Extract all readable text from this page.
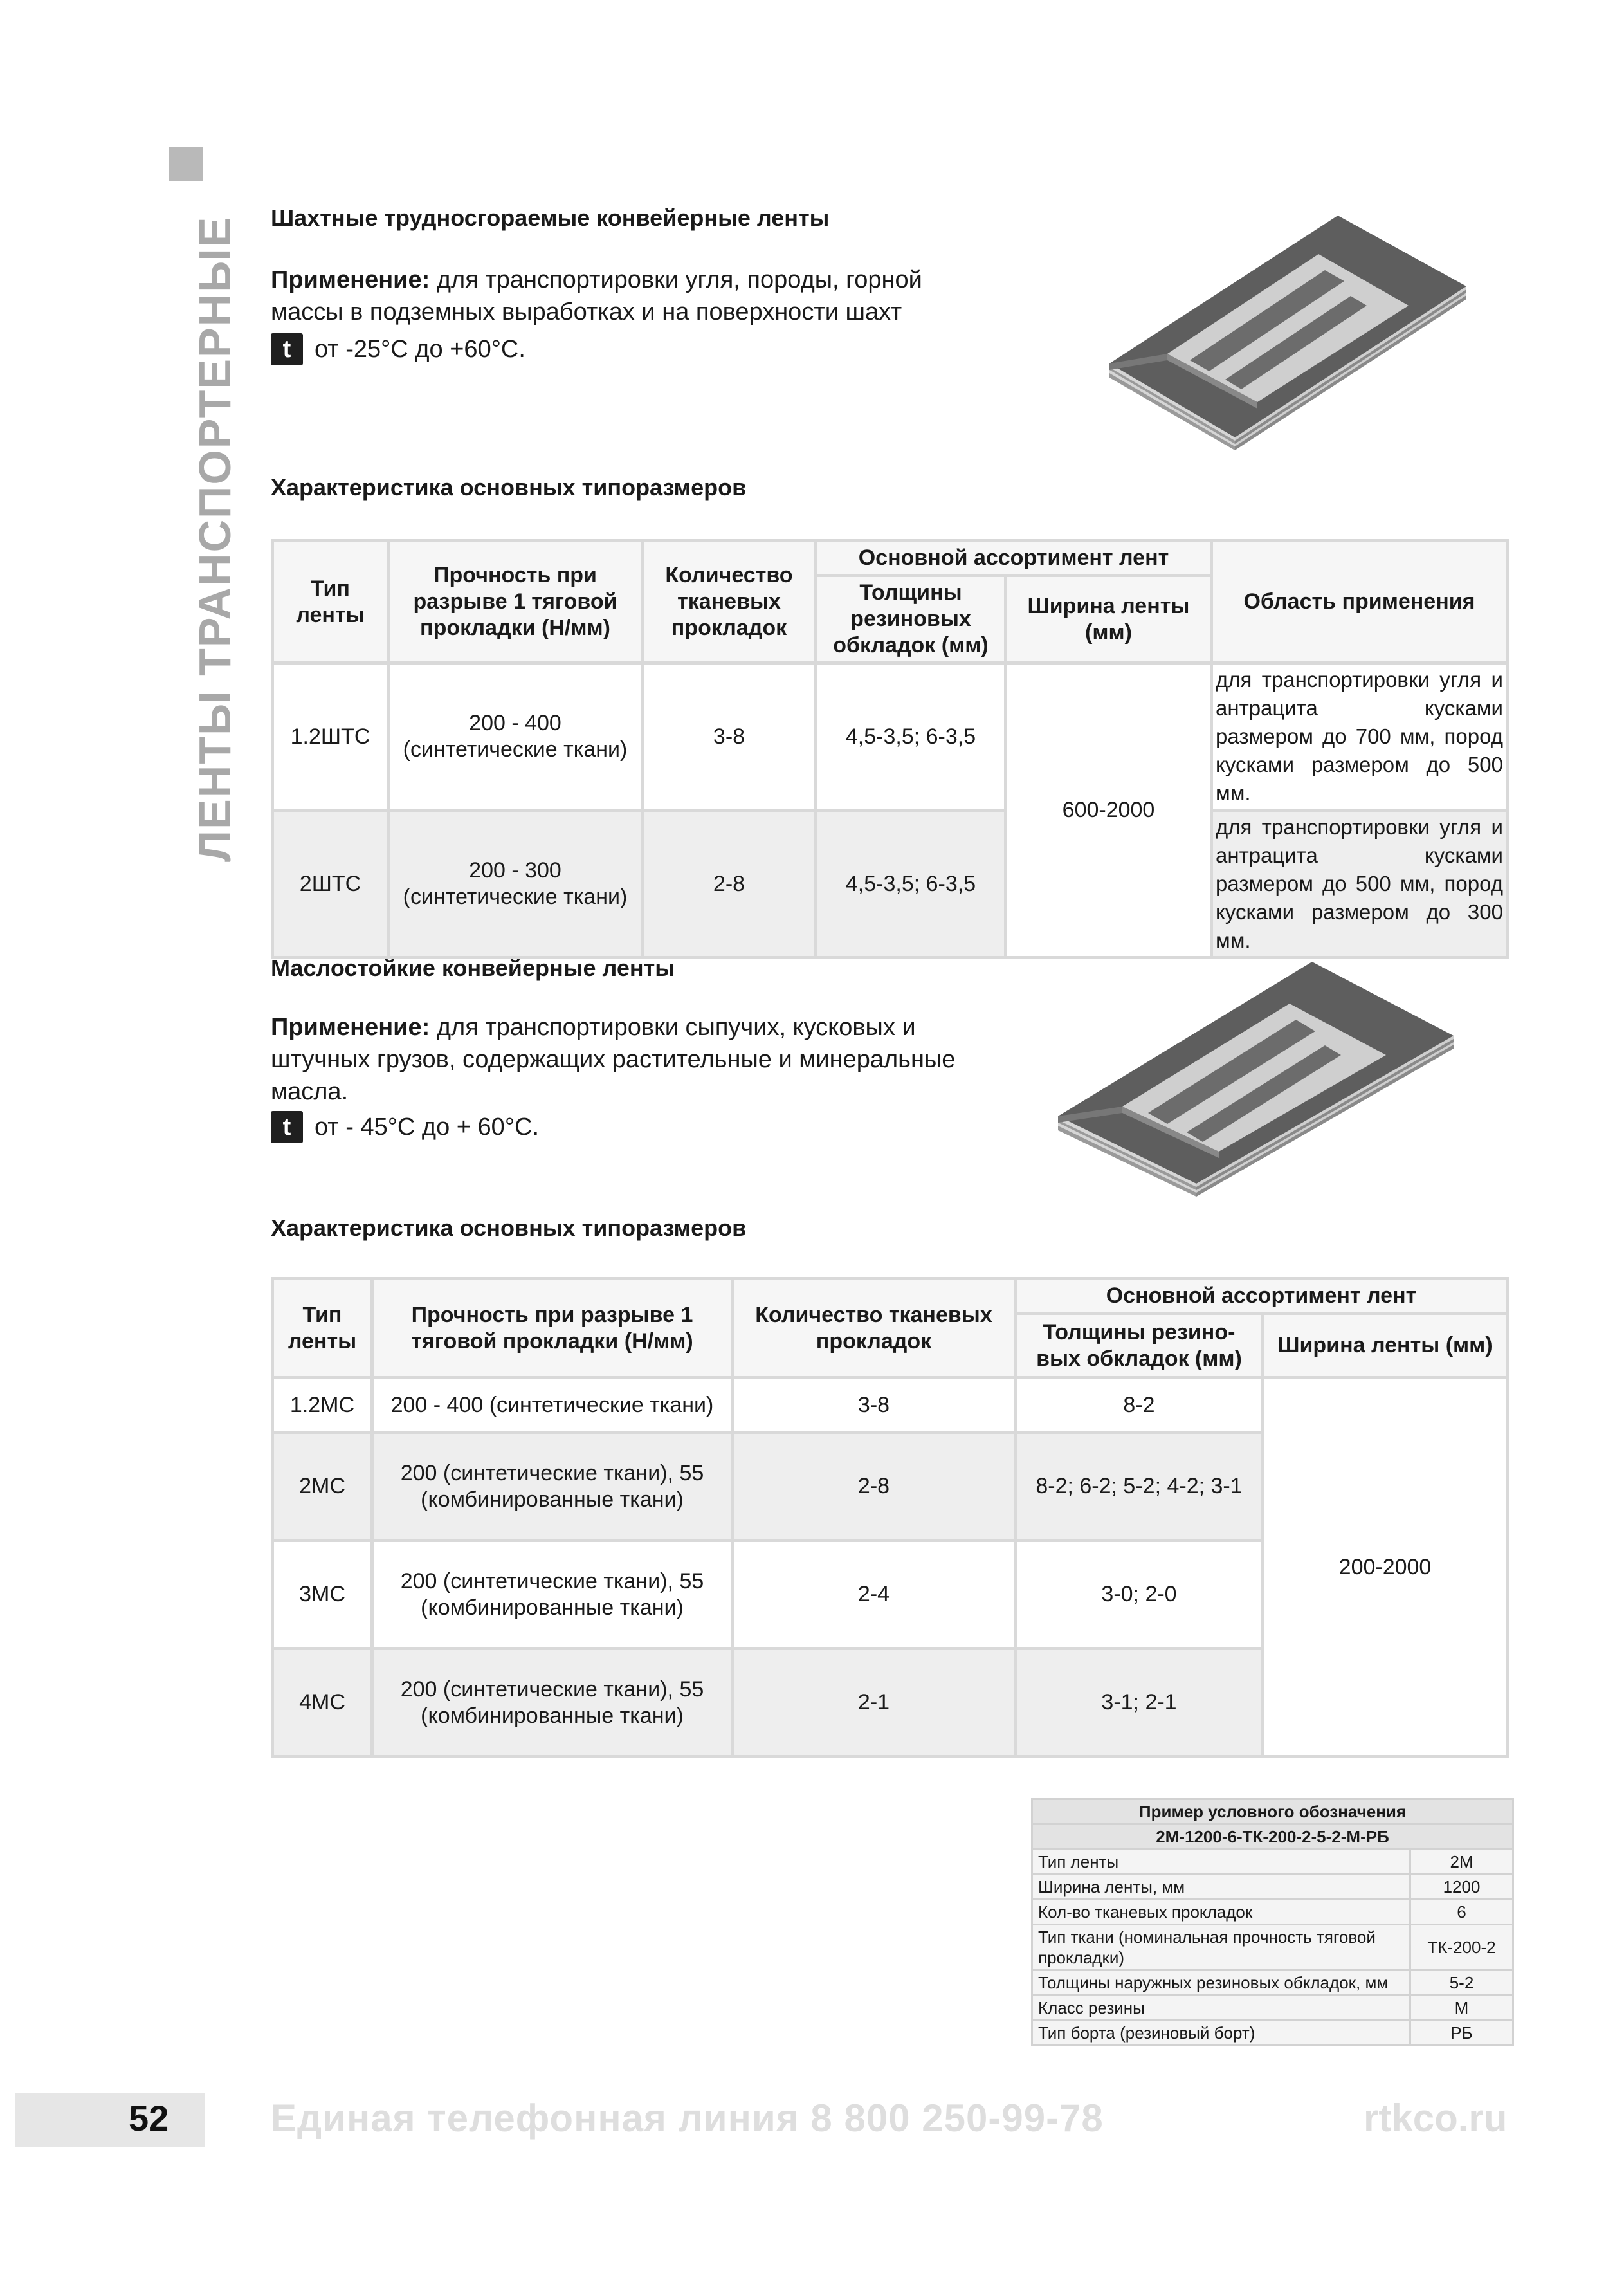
ЛЕНТЫ ТРАНСПОРТЕРНЫЕ Шахтные трудносгораемые конвейерные ленты
Применение: для транспортировки угля, породы, горной массы в подземных выработках и на поверхности шахт
t от -25°C до +60°C.
Характеристика основных типоразмеров
Тип ленты	Прочность при разрыве 1 тяговой прокладки (Н/мм)	Количество тканевых прокладок	Основной ассортимент лент		Область применения
			Толщины резиновых обкладок (мм)	Ширина ленты (мм)	
1.2ШТС	200 - 400 (синтетические ткани)	3-8	4,5-3,5; 6-3,5	600-2000	для транспортировки угля и антрацита кусками размером до 700 мм, пород кусками размером до 500 мм.
2ШТС	200 - 300 (синтетические ткани)	2-8	4,5-3,5; 6-3,5		для транспортировки угля и антрацита кусками размером до 500 мм, пород кусками размером до 300 мм.
Маслостойкие конвейерные ленты
Применение: для транспортировки сыпучих, кусковых и штучных грузов, содержащих растительные и минеральные масла.
t от - 45°C до + 60°C.
Характеристика основных типоразмеров
Тип ленты	Прочность при разрыве 1 тяговой прокладки (Н/мм)	Количество тканевых прокладок	Основной ассортимент лент	
			Толщины резино- вых обкладок (мм)	Ширина ленты (мм)
1.2МС	200 - 400 (синтетические ткани)	3-8	8-2	200-2000
2МС	200 (синтетические ткани), 55 (комбинированные ткани)	2-8	8-2; 6-2; 5-2; 4-2; 3-1	
3МС	200 (синтетические ткани), 55 (комбинированные ткани)	2-4	3-0; 2-0	
4МС	200 (синтетические ткани), 55 (комбинированные ткани)	2-1	3-1; 2-1	
Пример условного обозначения	
2М-1200-6-ТК-200-2-5-2-М-РБ	
Тип ленты	2М
Ширина ленты, мм	1200
Кол-во тканевых прокладок	6
Тип ткани (номинальная прочность тяговой прокладки)	ТК-200-2
Толщины наружных резиновых обкладок, мм	5-2
Класс резины	М
Тип борта (резиновый борт)	РБ
52	Единая телефонная линия 8 800 250-99-78	rtkco.ru
